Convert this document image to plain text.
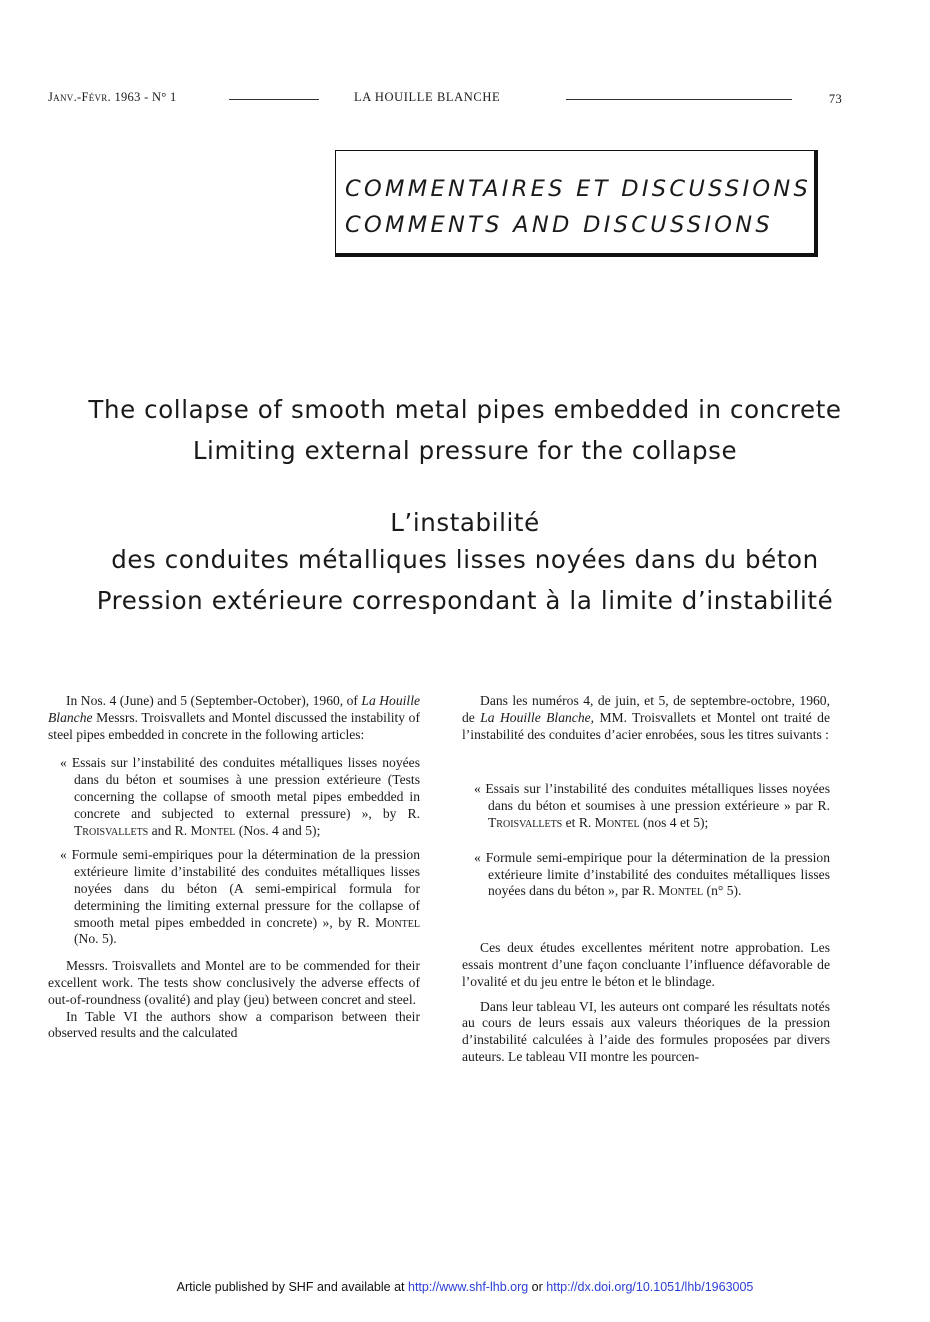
Janv.-Févr. 1963 - N° 1	LA HOUILLE BLANCHE	73
COMMENTAIRES ET DISCUSSIONS
COMMENTS AND DISCUSSIONS
The collapse of smooth metal pipes embedded in concrete
Limiting external pressure for the collapse
L’instabilité
des conduites métalliques lisses noyées dans du béton
Pression extérieure correspondant à la limite d’instabilité

In Nos. 4 (June) and 5 (September-October), 1960, of La Houille Blanche Messrs. Troisvallets and Montel discussed the instability of steel pipes embedded in concrete in the following articles:

« Essais sur l’instabilité des conduites métalliques lisses noyées dans du béton et soumises à une pression extérieure (Tests concerning the collapse of smooth metal pipes embedded in concrete and subjected to external pressure) », by R. Troisvallets and R. Montel (Nos. 4 and 5);

« Formule semi-empiriques pour la détermination de la pression extérieure limite d’instabilité des conduites métalliques lisses noyées dans du béton (A semi-empirical formula for determining the limiting external pressure for the collapse of smooth metal pipes embedded in concrete) », by R. Montel (No. 5).

Messrs. Troisvallets and Montel are to be commended for their excellent work. The tests show conclusively the adverse effects of out-of-roundness (ovalité) and play (jeu) between concret and steel.

In Table VI the authors show a comparison between their observed results and the calculated

Dans les numéros 4, de juin, et 5, de septembre-octobre, 1960, de La Houille Blanche, MM. Troisvallets et Montel ont traité de l’instabilité des conduites d’acier enrobées, sous les titres suivants :

« Essais sur l’instabilité des conduites métalliques lisses noyées dans du béton et soumises à une pression extérieure » par R. Troisvallets et R. Montel (nos 4 et 5);

« Formule semi-empirique pour la détermination de la pression extérieure limite d’instabilité des conduites métalliques lisses noyées dans du béton », par R. Montel (n° 5).

Ces deux études excellentes méritent notre approbation. Les essais montrent d’une façon concluante l’influence défavorable de l’ovalité et du jeu entre le béton et le blindage.

Dans leur tableau VI, les auteurs ont comparé les résultats notés au cours de leurs essais aux valeurs théoriques de la pression d’instabilité calculées à l’aide des formules proposées par divers auteurs. Le tableau VII montre les pourcen-

Article published by SHF and available at http://www.shf-lhb.org or http://dx.doi.org/10.1051/lhb/1963005
